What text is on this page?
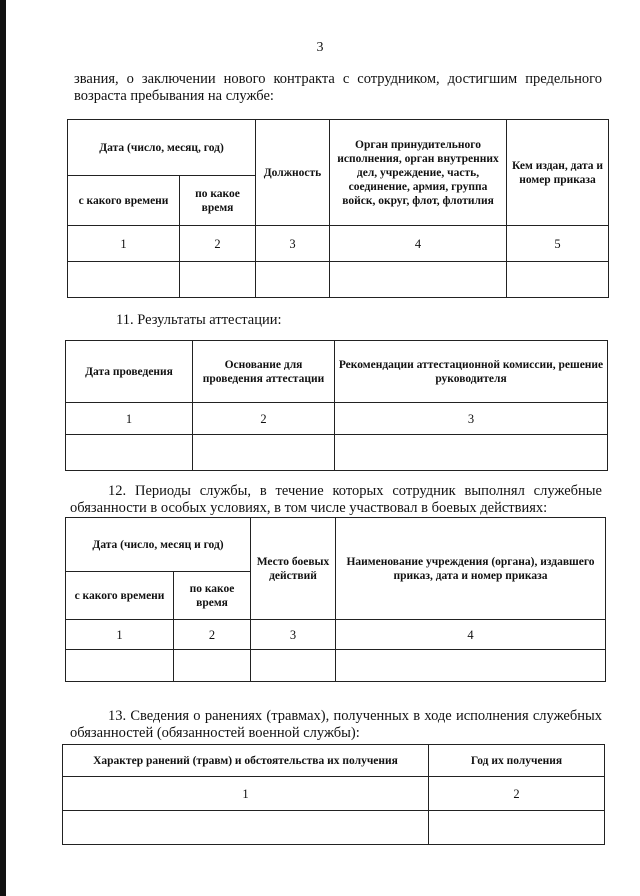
3
звания, о заключении нового контракта с сотрудником, достигшим предельного возраста пребывания на службе:
Дата (число, месяц, год)		Должность	Орган принудительного исполнения, орган внутренних дел, учреждение, часть, соединение, армия, группа войск, округ, флот, флотилия	Кем издан, дата и номер приказа
с какого времени	по какое время			
1	2	3	4	5

11. Результаты аттестации:
Дата проведения	Основание для проведения аттестации	Рекомендации аттестационной комиссии, решение руководителя
1	2	3

12. Периоды службы, в течение которых сотрудник выполнял служебные обязанности в особых условиях, в том числе участвовал в боевых действиях:
Дата (число, месяц и год)		Место боевых действий	Наименование учреждения (органа), издавшего приказ, дата и номер приказа
с какого времени	по какое время		
1	2	3	4

13. Сведения о ранениях (травмах), полученных в ходе исполнения служебных обязанностей (обязанностей военной службы):
Характер ранений (травм) и обстоятельства их получения	Год их получения
1	2
